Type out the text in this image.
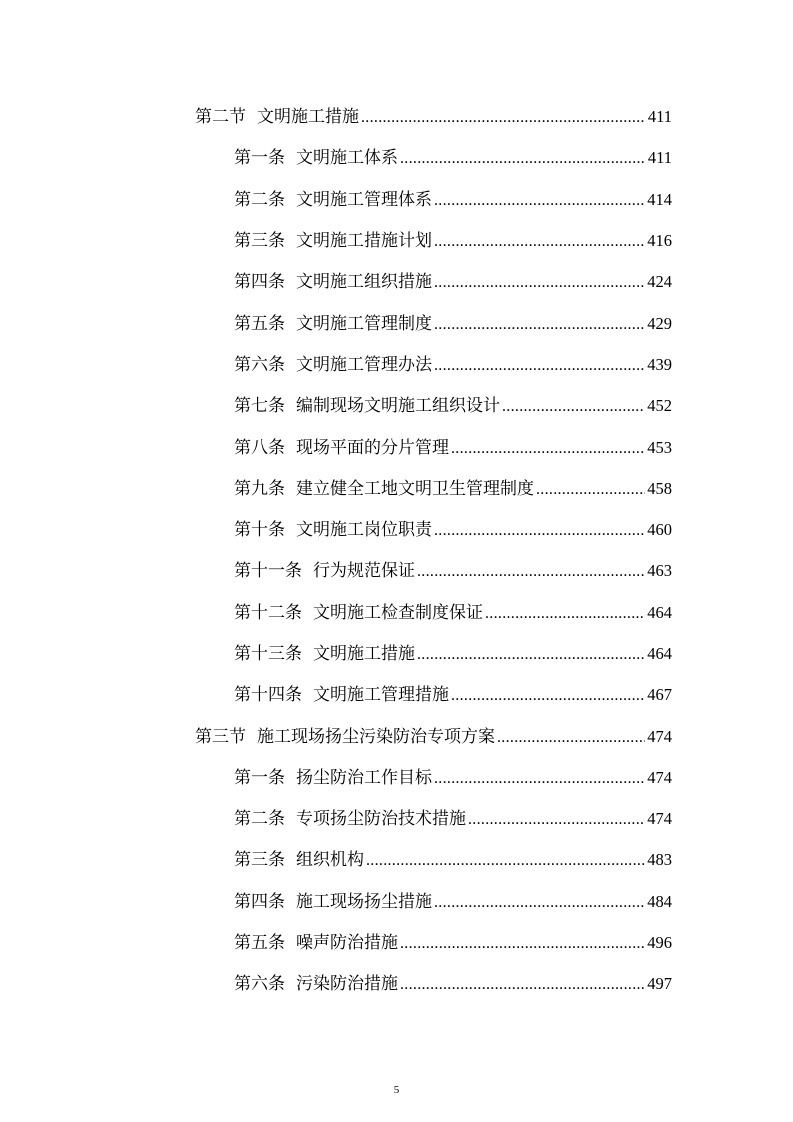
第二节 文明施工措施 .....	411
第一条 文明施工体系 .....	411
第二条 文明施工管理体系 .....	414
第三条 文明施工措施计划 .....	416
第四条 文明施工组织措施 .....	424
第五条 文明施工管理制度 .....	429
第六条 文明施工管理办法 .....	439
第七条 编制现场文明施工组织设计 .....	452
第八条 现场平面的分片管理 .....	453
第九条 建立健全工地文明卫生管理制度 .....	458
第十条 文明施工岗位职责 .....	460
第十一条 行为规范保证 .....	463
第十二条 文明施工检查制度保证 .....	464
第十三条 文明施工措施 .....	464
第十四条 文明施工管理措施 .....	467
第三节 施工现场扬尘污染防治专项方案 .....	474
第一条 扬尘防治工作目标 .....	474
第二条 专项扬尘防治技术措施 .....	474
第三条 组织机构 .....	483
第四条 施工现场扬尘措施 .....	484
第五条 噪声防治措施 .....	496
第六条 污染防治措施 .....	497
5
